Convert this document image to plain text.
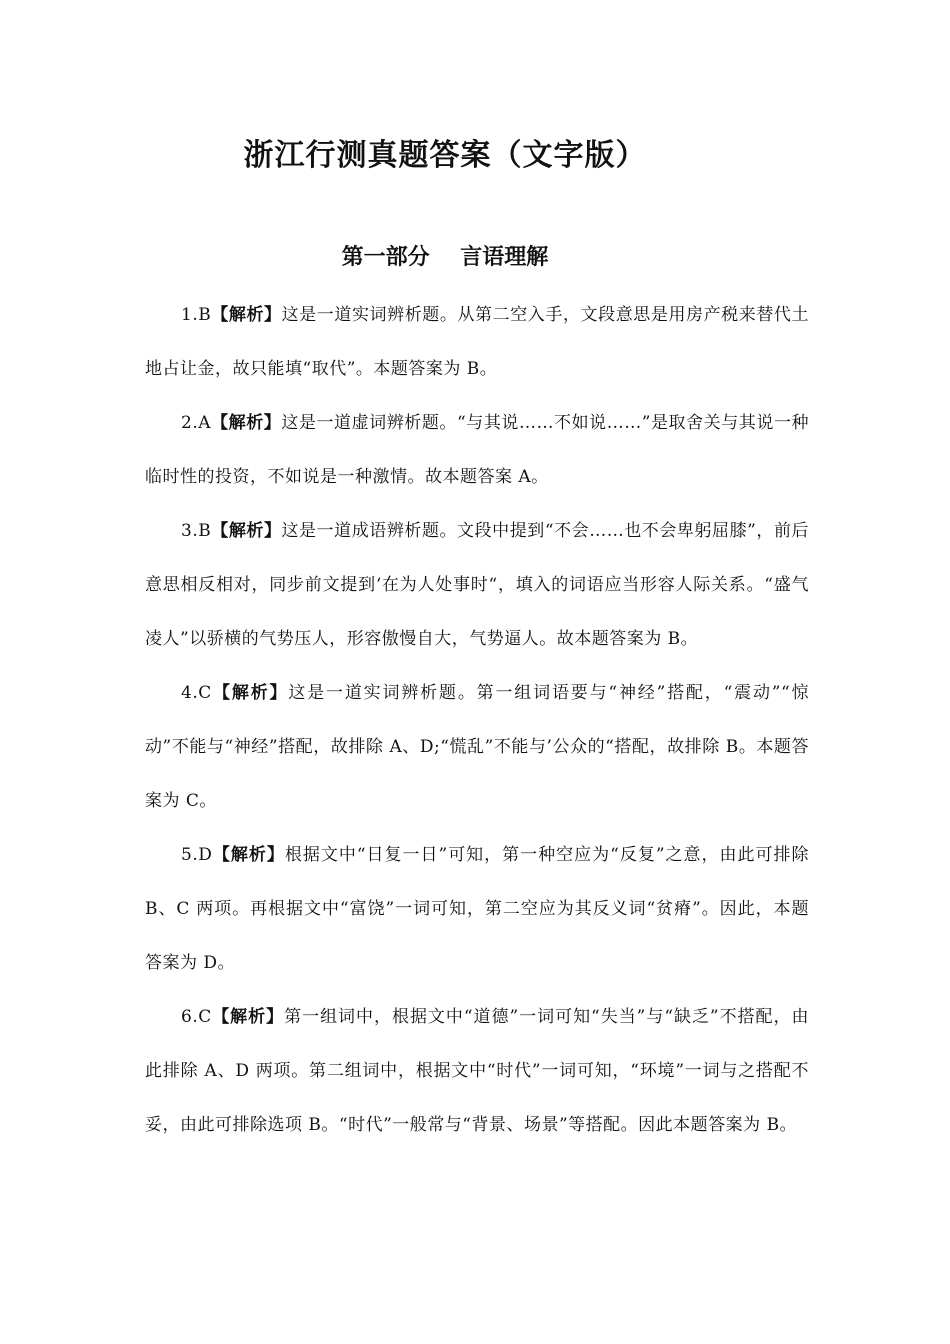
浙江行测真题答案（文字版）
第一部分    言语理解

1.B【解析】这是一道实词辨析题。从第二空入手，文段意思是用房产税来替代土地占让金，故只能填“取代”。本题答案为 B。

2.A【解析】这是一道虚词辨析题。“与其说……不如说……”是取舍关与其说一种临时性的投资，不如说是一种激情。故本题答案 A。

3.B【解析】这是一道成语辨析题。文段中提到“不会……也不会卑躬屈膝”，前后意思相反相对，同步前文提到‘在为人处事时“，填入的词语应当形容人际关系。“盛气凌人”以骄横的气势压人，形容傲慢自大，气势逼人。故本题答案为 B。

4.C【解析】这是一道实词辨析题。第一组词语要与“神经”搭配，“震动”“惊动”不能与“神经”搭配，故排除 A、D;“慌乱”不能与’公众的“搭配，故排除 B。本题答案为 C。

5.D【解析】根据文中“日复一日”可知，第一种空应为“反复”之意，由此可排除 B、C 两项。再根据文中“富饶”一词可知，第二空应为其反义词“贫瘠”。因此，本题答案为 D。

6.C【解析】第一组词中，根据文中“道德”一词可知“失当”与“缺乏”不搭配，由此排除 A、D 两项。第二组词中，根据文中“时代”一词可知，“环境”一词与之搭配不妥，由此可排除选项 B。“时代”一般常与“背景、场景”等搭配。因此本题答案为 B。
